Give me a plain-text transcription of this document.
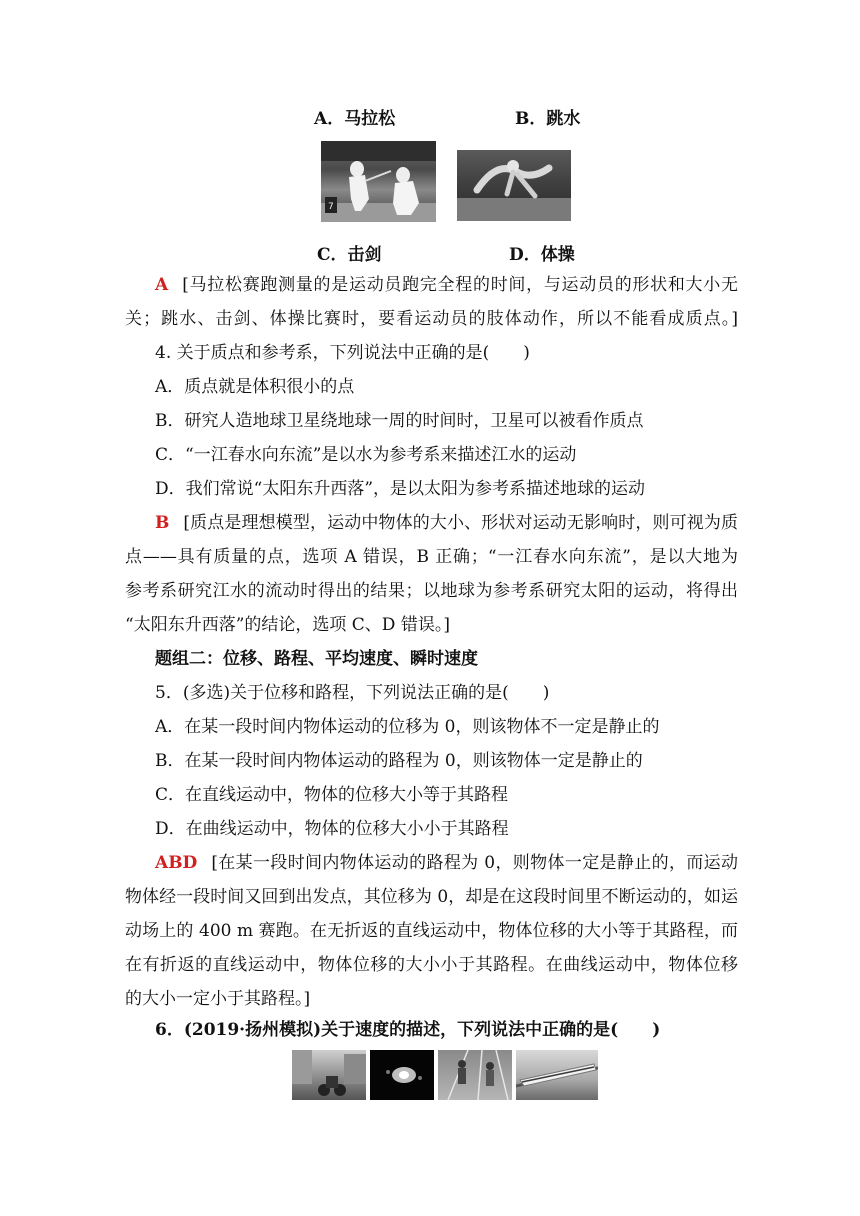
A．马拉松	B．跳水
7
C．击剑	D．体操
A [马拉松赛跑测量的是运动员跑完全程的时间，与运动员的形状和大小无
关；跳水、击剑、体操比赛时，要看运动员的肢体动作，所以不能看成质点。]
4. 关于质点和参考系，下列说法中正确的是(　　)
A．质点就是体积很小的点
B．研究人造地球卫星绕地球一周的时间时，卫星可以被看作质点
C．“一江春水向东流”是以水为参考系来描述江水的运动
D．我们常说“太阳东升西落”，是以太阳为参考系描述地球的运动
B [质点是理想模型，运动中物体的大小、形状对运动无影响时，则可视为质
点——具有质量的点，选项 A 错误，B 正确；“一江春水向东流”，是以大地为
参考系研究江水的流动时得出的结果；以地球为参考系研究太阳的运动，将得出
“太阳东升西落”的结论，选项 C、D 错误。]
题组二：位移、路程、平均速度、瞬时速度
5．(多选)关于位移和路程，下列说法正确的是(　　)
A．在某一段时间内物体运动的位移为 0，则该物体不一定是静止的
B．在某一段时间内物体运动的路程为 0，则该物体一定是静止的
C．在直线运动中，物体的位移大小等于其路程
D．在曲线运动中，物体的位移大小小于其路程
ABD [在某一段时间内物体运动的路程为 0，则物体一定是静止的，而运动
物体经一段时间又回到出发点，其位移为 0，却是在这段时间里不断运动的，如运
动场上的 400 m 赛跑。在无折返的直线运动中，物体位移的大小等于其路程，而
在有折返的直线运动中，物体位移的大小小于其路程。在曲线运动中，物体位移
的大小一定小于其路程。]
6．(2019·扬州模拟)关于速度的描述，下列说法中正确的是(　　)
